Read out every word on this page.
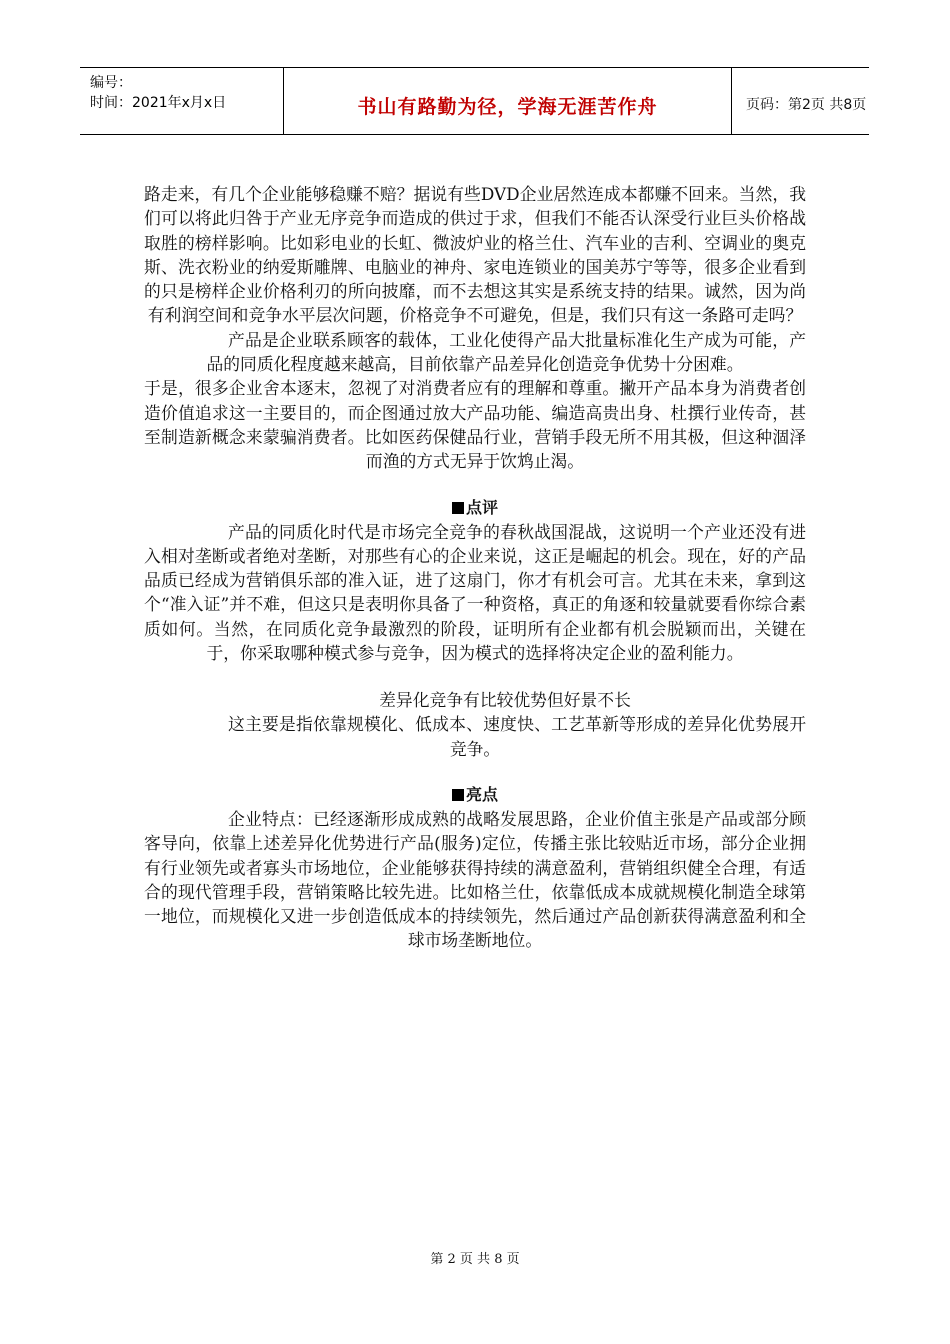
编号：
时间：2021年x月x日	书山有路勤为径，学海无涯苦作舟	页码：第2页 共8页

路走来，有几个企业能够稳赚不赔？据说有些DVD企业居然连成本都赚不回来。当然，我们可以将此归咎于产业无序竞争而造成的供过于求，但我们不能否认深受行业巨头价格战取胜的榜样影响。比如彩电业的长虹、微波炉业的格兰仕、汽车业的吉利、空调业的奥克斯、洗衣粉业的纳爱斯雕牌、电脑业的神舟、家电连锁业的国美苏宁等等，很多企业看到的只是榜样企业价格利刃的所向披靡，而不去想这其实是系统支持的结果。诚然，因为尚有利润空间和竞争水平层次问题，价格竞争不可避免，但是，我们只有这一条路可走吗？

产品是企业联系顾客的载体，工业化使得产品大批量标准化生产成为可能，产品的同质化程度越来越高，目前依靠产品差异化创造竞争优势十分困难。

于是，很多企业舍本逐末，忽视了对消费者应有的理解和尊重。撇开产品本身为消费者创造价值追求这一主要目的，而企图通过放大产品功能、编造高贵出身、杜撰行业传奇，甚至制造新概念来蒙骗消费者。比如医药保健品行业，营销手段无所不用其极，但这种涸泽而渔的方式无异于饮鸩止渴。

点评

产品的同质化时代是市场完全竞争的春秋战国混战，这说明一个产业还没有进入相对垄断或者绝对垄断，对那些有心的企业来说，这正是崛起的机会。现在，好的产品品质已经成为营销俱乐部的准入证，进了这扇门，你才有机会可言。尤其在未来，拿到这个“准入证”并不难，但这只是表明你具备了一种资格，真正的角逐和较量就要看你综合素质如何。当然，在同质化竞争最激烈的阶段，证明所有企业都有机会脱颖而出，关键在于，你采取哪种模式参与竞争，因为模式的选择将决定企业的盈利能力。

差异化竞争有比较优势但好景不长

这主要是指依靠规模化、低成本、速度快、工艺革新等形成的差异化优势展开竞争。

亮点

企业特点：已经逐渐形成成熟的战略发展思路，企业价值主张是产品或部分顾客导向，依靠上述差异化优势进行产品(服务)定位，传播主张比较贴近市场，部分企业拥有行业领先或者寡头市场地位，企业能够获得持续的满意盈利，营销组织健全合理，有适合的现代管理手段，营销策略比较先进。比如格兰仕，依靠低成本成就规模化制造全球第一地位，而规模化又进一步创造低成本的持续领先，然后通过产品创新获得满意盈利和全球市场垄断地位。

第 2 页 共 8 页
